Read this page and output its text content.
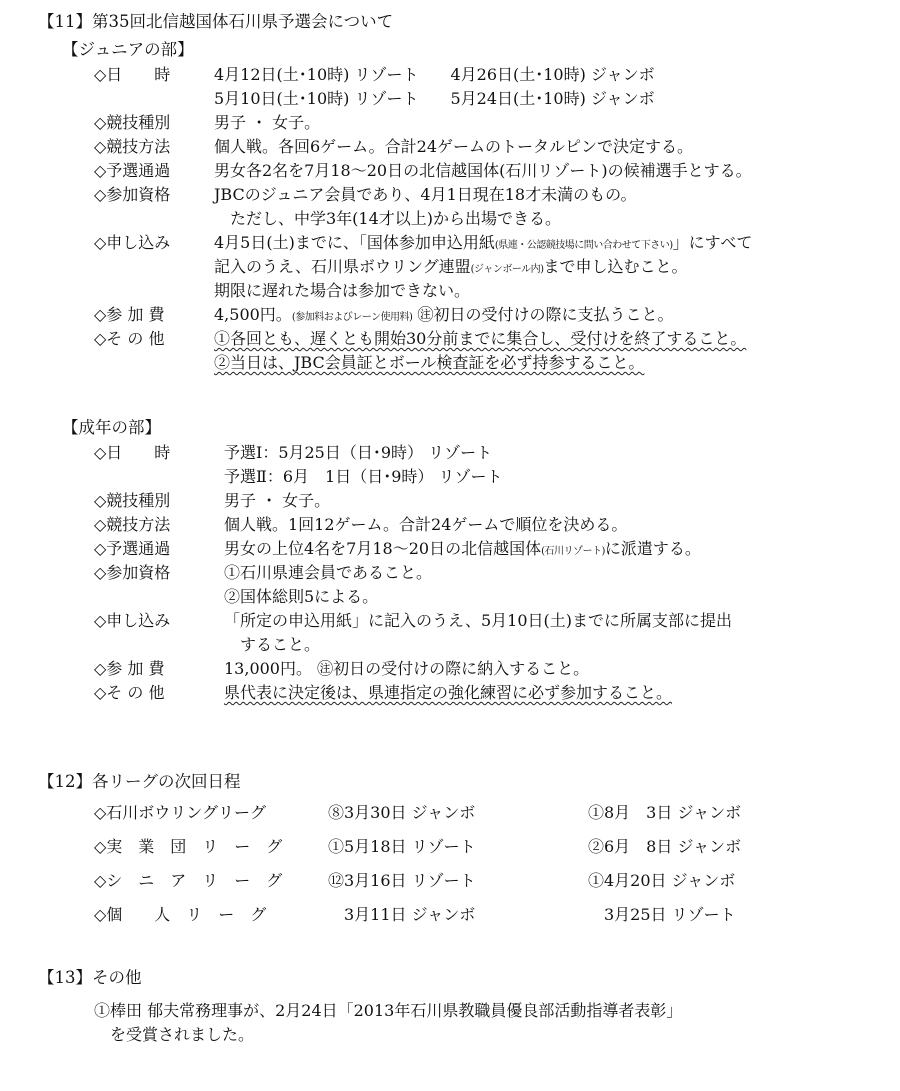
【11】第35回北信越国体石川県予選会について
【ジュニアの部】
◇日　　時	4月12日(土･10時) リゾート　　4月26日(土･10時) ジャンボ
5月10日(土･10時) リゾート　　5月24日(土･10時) ジャンボ
◇競技種別	男子 ・ 女子。
◇競技方法	個人戦。各回6ゲーム。合計24ゲームのトータルピンで決定する。
◇予選通過	男女各2名を7月18～20日の北信越国体(石川リゾート)の候補選手とする。
◇参加資格	JBCのジュニア会員であり、4月1日現在18才未満のもの。
ただし、中学3年(14才以上)から出場できる。
◇申し込み	4月5日(土)までに、「国体参加申込用紙(県連・公認競技場に問い合わせて下さい)」にすべて
記入のうえ、石川県ボウリング連盟(ジャンボール内)まで申し込むこと。
期限に遅れた場合は参加できない。
◇参 加 費	4,500円。(参加料およびレーン使用料) ㊟初日の受付けの際に支払うこと。
◇そ の 他	①各回とも、遅くとも開始30分前までに集合し、受付けを終了すること。
②当日は、JBC会員証とボール検査証を必ず持参すること。
【成年の部】
◇日　　時	予選Ⅰ：5月25日（日･9時） リゾート
予選Ⅱ：6月　1日（日･9時） リゾート
◇競技種別	男子 ・ 女子。
◇競技方法	個人戦。1回12ゲーム。合計24ゲームで順位を決める。
◇予選通過	男女の上位4名を7月18～20日の北信越国体(石川リゾート)に派遣する。
◇参加資格	①石川県連会員であること。
②国体総則5による。
◇申し込み	「所定の申込用紙」に記入のうえ、5月10日(土)までに所属支部に提出
　すること。
◇参 加 費	13,000円。 ㊟初日の受付けの際に納入すること。
◇そ の 他	県代表に決定後は、県連指定の強化練習に必ず参加すること。
【12】各リーグの次回日程
◇石川ボウリングリーグ	⑧3月30日 ジャンボ	①8月　3日 ジャンボ
◇実　業　団　リ　ー　グ	①5月18日 リゾート	②6月　8日 ジャンボ
◇シ　ニ　ア　リ　ー　グ	⑫3月16日 リゾート	①4月20日 ジャンボ
◇個　　人　リ　ー　グ	　3月11日 ジャンボ	　3月25日 リゾート
【13】その他
①棒田 郁夫常務理事が、2月24日「2013年石川県教職員優良部活動指導者表彰」
を受賞されました。
